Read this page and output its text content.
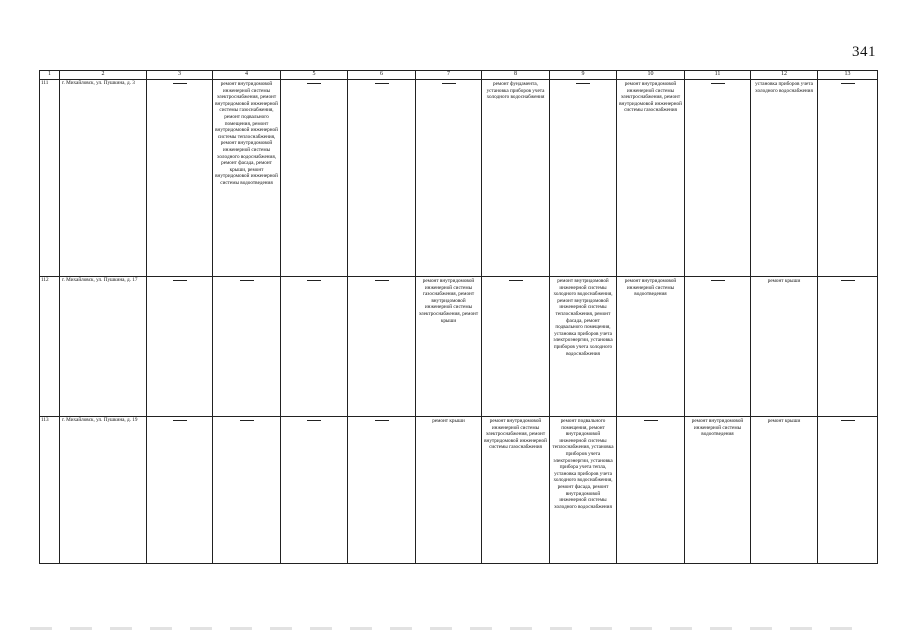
341
1	2	3	4	5	6	7	8	9	10	11	12	13
111	г. Михайловск, ул. Пушкина, д. 3		ремонт внутридомовой инженерной системы электроснабжения, ремонт внутридомовой инженерной системы газоснабжения, ремонт подвального помещения, ремонт внутридомовой инженерной системы теплоснабжения, ремонт внутридомовой инженерной системы холодного водоснабжения, ремонт фасада, ремонт крыши, ремонт внутридомовой инженерной системы водоотведения				ремонт фундамента, установка приборов учета холодного водоснабжения		ремонт внутридомовой инженерной системы электроснабжения, ремонт внутридомовой инженерной системы газоснабжения		установка приборов учета холодного водоснабжения	

112	г. Михайловск, ул. Пушкина, д. 17					ремонт внутридомовой инженерной системы газоснабжения, ремонт внутридомовой инженерной системы электроснабжения, ремонт крыши		ремонт внутридомовой инженерной системы холодного водоснабжения, ремонт внутридомовой инженерной системы теплоснабжения, ремонт фасада, ремонт подвального помещения, установка приборов учета электроэнергии, установка приборов учета холодного водоснабжения	ремонт внутридомовой инженерной системы водоотведения		ремонт крыши	

113	г. Михайловск, ул. Пушкина, д. 19					ремонт крыши	ремонт внутридомовой инженерной системы электроснабжения, ремонт внутридомовой инженерной системы газоснабжения	ремонт подвального помещения, ремонт внутридомовой инженерной системы теплоснабжения, установка приборов учета электроэнергии, установка прибора учета тепла, установка приборов учета холодного водоснабжения, ремонт фасада, ремонт внутридомовой инженерной системы холодного водоснабжения		ремонт внутридомовой инженерной системы водоотведения	ремонт крыши	
